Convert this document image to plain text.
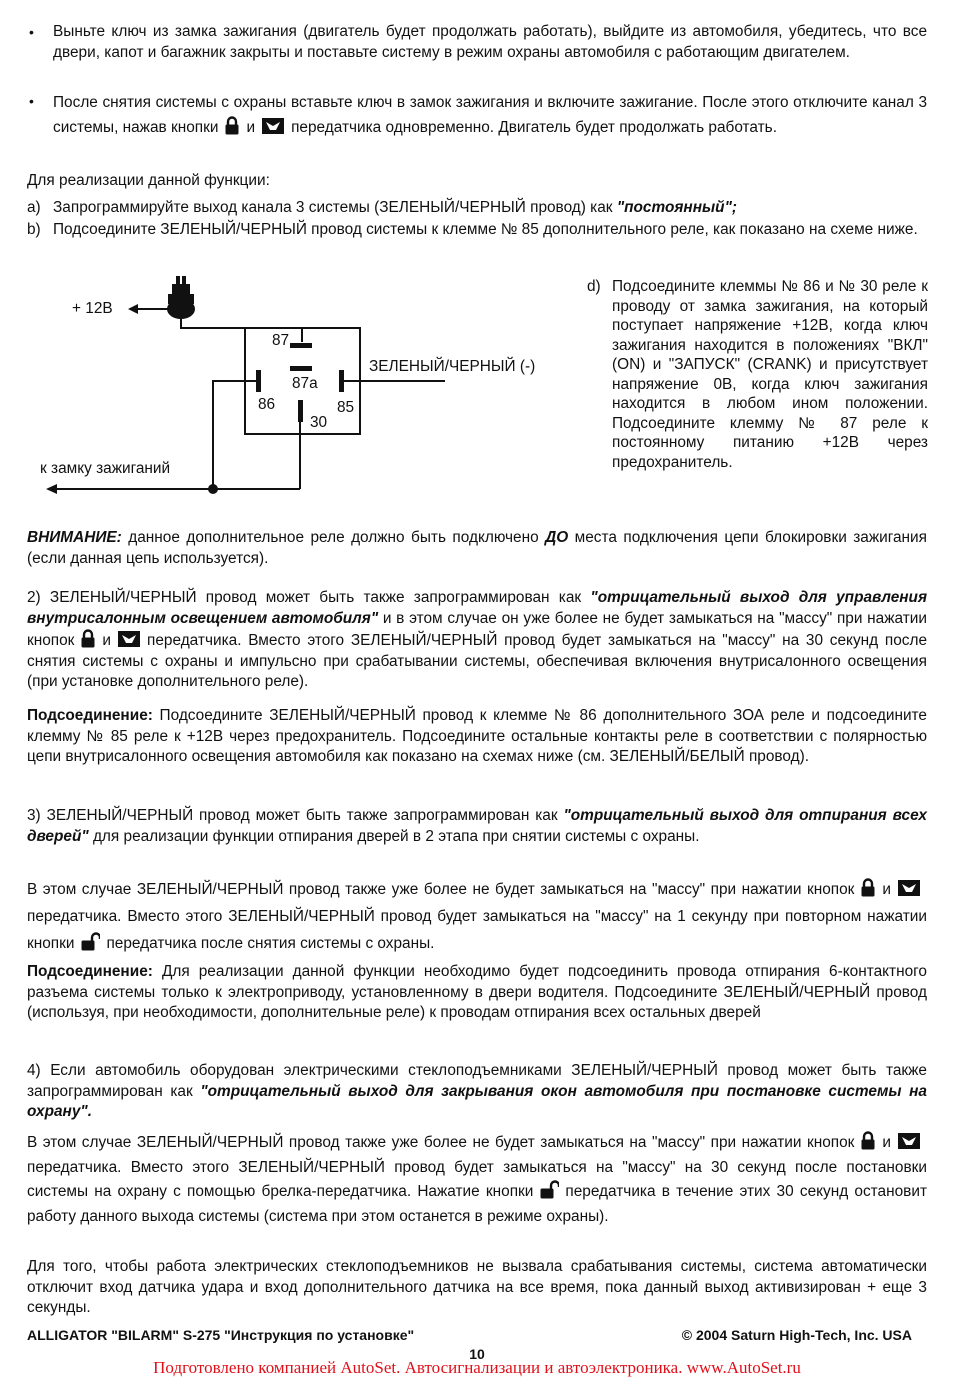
• Выньте ключ из замка зажигания (двигатель будет продолжать работать), выйдите из автомобиля, убедитесь, что все двери, капот и багажник закрыты и поставьте систему в режим охраны автомобиля с работающим двигателем.

• После снятия системы с охраны вставьте ключ в замок зажигания и включите зажигание. После этого отключите канал 3 системы, нажав кнопки и передатчика одновременно. Двигатель будет продолжать работать.

Для реализации данной функции:

a) Запрограммируйте выход канала 3 системы (ЗЕЛЕНЫЙ/ЧЕРНЫЙ провод) как "постоянный";

b) Подсоедините ЗЕЛЕНЫЙ/ЧЕРНЫЙ провод системы к клемме № 85 дополнительного реле, как показано на схеме ниже.

+ 12В
87
87a
86	85
30
ЗЕЛЕНЫЙ/ЧЕРНЫЙ (-)
к замку зажиганий
d) Подсоедините клеммы № 86 и № 30 реле к проводу от замка зажигания, на который поступает напряжение +12В, когда ключ зажигания находится в положениях "ВКЛ" (ON) и "ЗАПУСК" (CRANK) и присутствует напряжение 0В, когда ключ зажигания находится в любом ином положении. Подсоедините клемму № 87 реле к постоянному питанию +12В через предохранитель.

ВНИМАНИЕ: данное дополнительное реле должно быть подключено ДО места подключения цепи блокировки зажигания (если данная цепь используется).

2) ЗЕЛЕНЫЙ/ЧЕРНЫЙ провод может быть также запрограммирован как "отрицательный выход для управления внутрисалонным освещением автомобиля" и в этом случае он уже более не будет замыкаться на "массу" при нажатии кнопок и передатчика. Вместо этого ЗЕЛЕНЫЙ/ЧЕРНЫЙ провод будет замыкаться на "массу" на 30 секунд после снятия системы с охраны и импульсно при срабатывании системы, обеспечивая включения внутрисалонного освещения (при установке дополнительного реле).

Подсоединение: Подсоедините ЗЕЛЕНЫЙ/ЧЕРНЫЙ провод к клемме № 86 дополнительного ЗОА реле и подсоедините клемму № 85 реле к +12В через предохранитель. Подсоедините остальные контакты реле в соответствии с полярностью цепи внутрисалонного освещения автомобиля как показано на схемах ниже (см. ЗЕЛЕНЫЙ/БЕЛЫЙ провод).

3) ЗЕЛЕНЫЙ/ЧЕРНЫЙ провод может быть также запрограммирован как "отрицательный выход для отпирания всех дверей" для реализации функции отпирания дверей в 2 этапа при снятии системы с охраны.

В этом случае ЗЕЛЕНЫЙ/ЧЕРНЫЙ провод также уже более не будет замыкаться на "массу" при нажатии кнопок и
передатчика. Вместо этого ЗЕЛЕНЫЙ/ЧЕРНЫЙ провод будет замыкаться на "массу" на 1 секунду при повторном нажатии кнопки передатчика после снятия системы с охраны.

Подсоединение: Для реализации данной функции необходимо будет подсоединить провода отпирания 6-контактного разъема системы только к электроприводу, установленному в двери водителя. Подсоедините ЗЕЛЕНЫЙ/ЧЕРНЫЙ провод (используя, при необходимости, дополнительные реле) к проводам отпирания всех остальных дверей

4) Если автомобиль оборудован электрическими стеклоподъемниками ЗЕЛЕНЫЙ/ЧЕРНЫЙ провод может быть также запрограммирован как "отрицательный выход для закрывания окон автомобиля при постановке системы на охрану".

В этом случае ЗЕЛЕНЫЙ/ЧЕРНЫЙ провод также уже более не будет замыкаться на "массу" при нажатии кнопок и
передатчика. Вместо этого ЗЕЛЕНЫЙ/ЧЕРНЫЙ провод будет замыкаться на "массу" на 30 секунд после постановки системы на охрану с помощью брелка-передатчика. Нажатие кнопки передатчика в течение этих 30 секунд остановит работу данного выхода системы (система при этом останется в режиме охраны).

Для того, чтобы работа электрических стеклоподъемников не вызвала срабатывания системы, система автоматически отключит вход датчика удара и вход дополнительного датчика на все время, пока данный выход активизирован + еще 3 секунды.

ALLIGATOR "BILARM" S-275 "Инструкция по установке"	© 2004 Saturn High-Tech, Inc. USA
10
Подготовлено компанией AutoSet. Автосигнализации и автоэлектроника. www.AutoSet.ru
